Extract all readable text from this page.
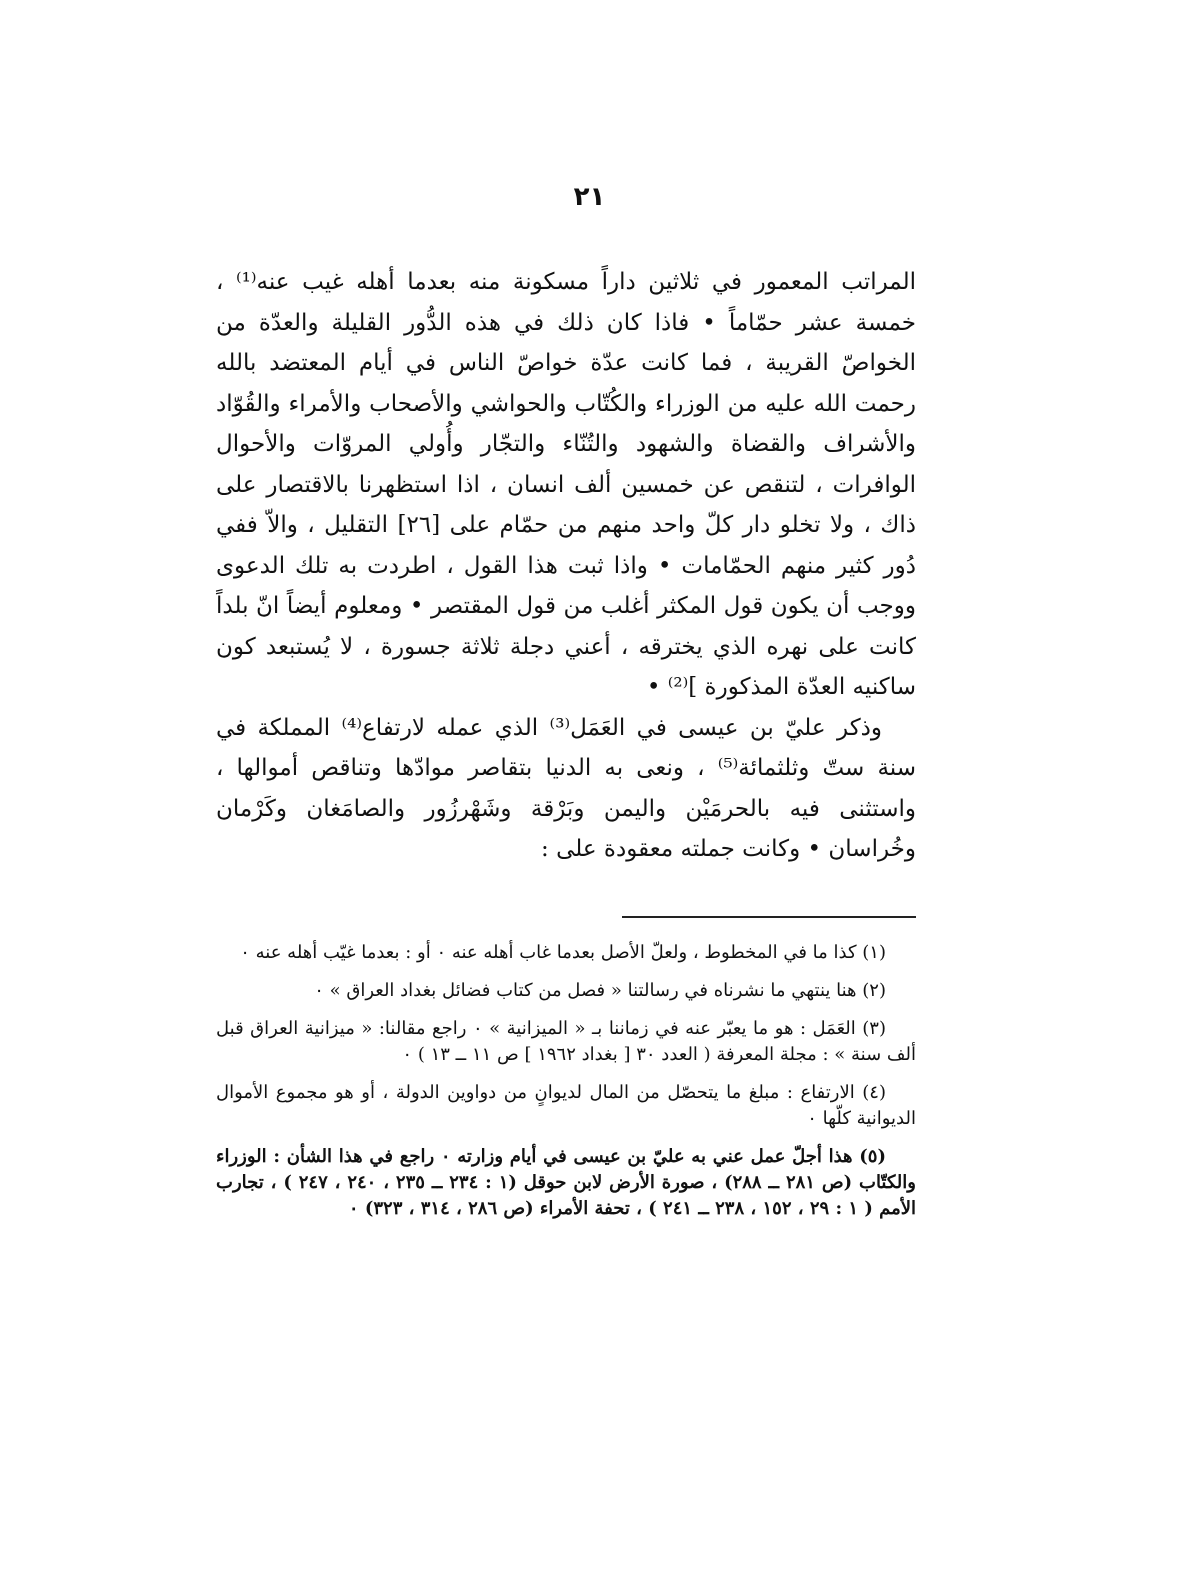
٢١

المراتب المعمور في ثلاثين داراً مسكونة منه بعدما أهله غيب عنه⁽¹⁾ ، خمسة عشر حمّاماً • فاذا كان ذلك في هذه الدُّور القليلة والعدّة من الخواصّ القريبة ، فما كانت عدّة خواصّ الناس في أيام المعتضد بالله رحمت الله عليه من الوزراء والكُتّاب والحواشي والأصحاب والأمراء والقُوّاد والأشراف والقضاة والشهود والتُنّاء والتجّار وأُولي المروّات والأحوال الوافرات ، لتنقص عن خمسين ألف انسان ، اذا استظهرنا بالاقتصار على ذاك ، ولا تخلو دار كلّ واحد منهم من حمّام على [٢٦] التقليل ، والاّ ففي دُور كثير منهم الحمّامات • واذا ثبت هذا القول ، اطردت به تلك الدعوى ووجب أن يكون قول المكثر أغلب من قول المقتصر • ومعلوم أيضاً انّ بلداً كانت على نهره الذي يخترقه ، أعني دجلة ثلاثة جسورة ، لا يُستبعد كون ساكنيه العدّة المذكورة ]⁽²⁾ •

وذكر عليّ بن عيسى في العَمَل⁽³⁾ الذي عمله لارتفاع⁽⁴⁾ المملكة في سنة ستّ وثلثمائة⁽⁵⁾ ، ونعى به الدنيا بتقاصر موادّها وتناقص أموالها ، واستثنى فيه بالحرمَيْن واليمن وبَرْقة وشَهْرزُور والصامَغان وكَرْمان وخُراسان • وكانت جملته معقودة على :

(١) كذا ما في المخطوط ، ولعلّ الأصل بعدما غاب أهله عنه ٠ أو : بعدما غيّب أهله عنه ٠

(٢) هنا ينتهي ما نشرناه في رسالتنا « فصل من كتاب فضائل بغداد العراق » ٠

(٣) العَمَل : هو ما يعبّر عنه في زماننا بـ « الميزانية » ٠ راجع مقالنا: « ميزانية العراق قبل ألف سنة » : مجلة المعرفة ( العدد ٣٠ [ بغداد ١٩٦٢ ] ص ١١ ــ ١٣ ) ٠

(٤) الارتفاع : مبلغ ما يتحصّل من المال لديوانٍ من دواوين الدولة ، أو هو مجموع الأموال الديوانية كلّها ٠

(٥) هذا أجلّ عمل عني به عليّ بن عيسى في أيام وزارته ٠ راجع في هذا الشأن : الوزراء والكتّاب (ص ٢٨١ ــ ٢٨٨) ، صورة الأرض لابن حوقل (١ : ٢٣٤ ــ ٢٣٥ ، ٢٤٠ ، ٢٤٧ ) ، تجارب الأمم ( ١ : ٢٩ ، ١٥٢ ، ٢٣٨ ــ ٢٤١ ) ، تحفة الأمراء (ص ٢٨٦ ، ٣١٤ ، ٣٢٣) ٠
